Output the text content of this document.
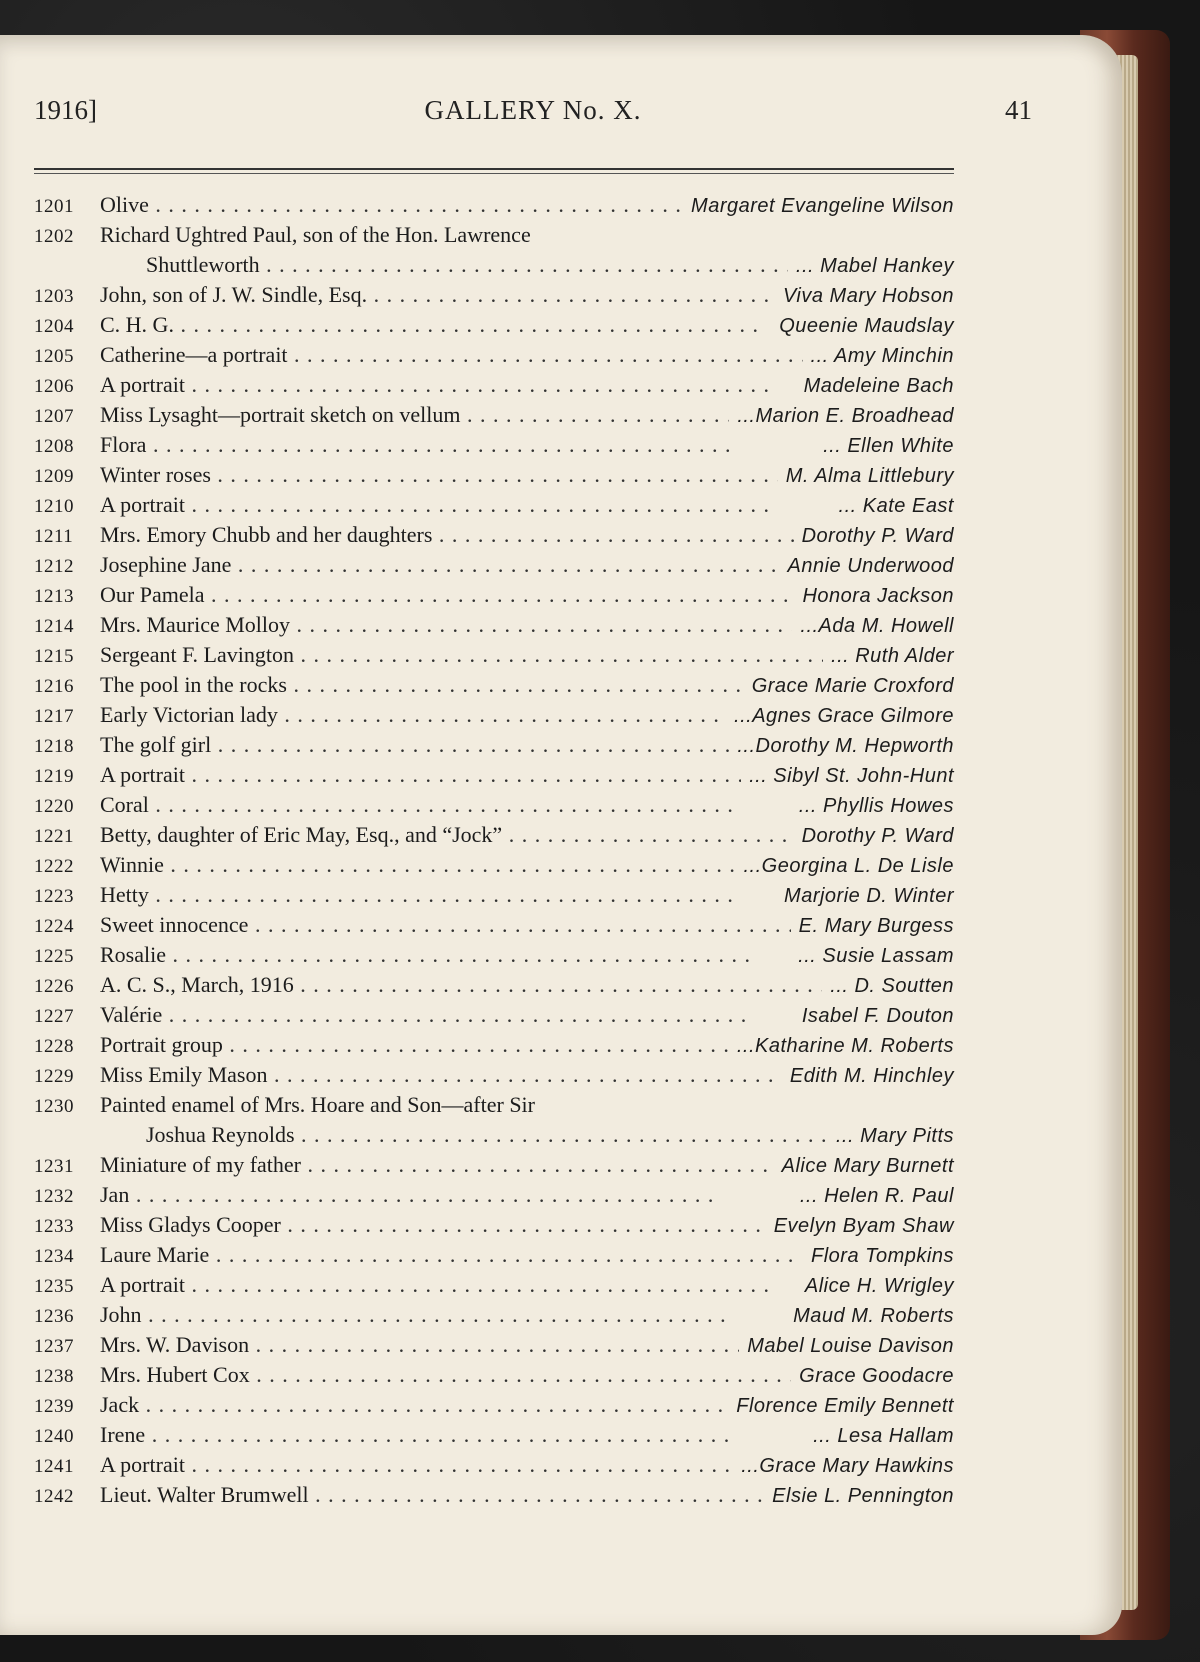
1916]	GALLERY No. X.	41
1201	Olive . . .	Margaret Evangeline Wilson
1202	Richard Ughtred Paul, son of the Hon. Lawrence
Shuttleworth . . .	... Mabel Hankey
1203	John, son of J. W. Sindle, Esq. . . .	Viva Mary Hobson
1204	C. H. G. . . .	Queenie Maudslay
1205	Catherine—a portrait . . .	... Amy Minchin
1206	A portrait . . .	Madeleine Bach
1207	Miss Lysaght—portrait sketch on vellum . . .	...Marion E. Broadhead
1208	Flora . . .	... Ellen White
1209	Winter roses . . .	M. Alma Littlebury
1210	A portrait . . .	... Kate East
1211	Mrs. Emory Chubb and her daughters . . .	Dorothy P. Ward
1212	Josephine Jane . . .	Annie Underwood
1213	Our Pamela . . .	Honora Jackson
1214	Mrs. Maurice Molloy . . .	...Ada M. Howell
1215	Sergeant F. Lavington . . .	... Ruth Alder
1216	The pool in the rocks . . .	Grace Marie Croxford
1217	Early Victorian lady . . .	...Agnes Grace Gilmore
1218	The golf girl . . .	...Dorothy M. Hepworth
1219	A portrait . . .	... Sibyl St. John-Hunt
1220	Coral . . .	... Phyllis Howes
1221	Betty, daughter of Eric May, Esq., and “Jock” . . .	Dorothy P. Ward
1222	Winnie . . .	...Georgina L. De Lisle
1223	Hetty . . .	Marjorie D. Winter
1224	Sweet innocence . . .	E. Mary Burgess
1225	Rosalie . . .	... Susie Lassam
1226	A. C. S., March, 1916 . . .	... D. Soutten
1227	Valérie . . .	Isabel F. Douton
1228	Portrait group . . .	...Katharine M. Roberts
1229	Miss Emily Mason . . .	Edith M. Hinchley
1230	Painted enamel of Mrs. Hoare and Son—after Sir
Joshua Reynolds . . .	... Mary Pitts
1231	Miniature of my father . . .	Alice Mary Burnett
1232	Jan . . .	... Helen R. Paul
1233	Miss Gladys Cooper . . .	Evelyn Byam Shaw
1234	Laure Marie . . .	Flora Tompkins
1235	A portrait . . .	Alice H. Wrigley
1236	John . . .	Maud M. Roberts
1237	Mrs. W. Davison . . .	Mabel Louise Davison
1238	Mrs. Hubert Cox . . .	Grace Goodacre
1239	Jack . . .	Florence Emily Bennett
1240	Irene . . .	... Lesa Hallam
1241	A portrait . . .	...Grace Mary Hawkins
1242	Lieut. Walter Brumwell . . .	Elsie L. Pennington
